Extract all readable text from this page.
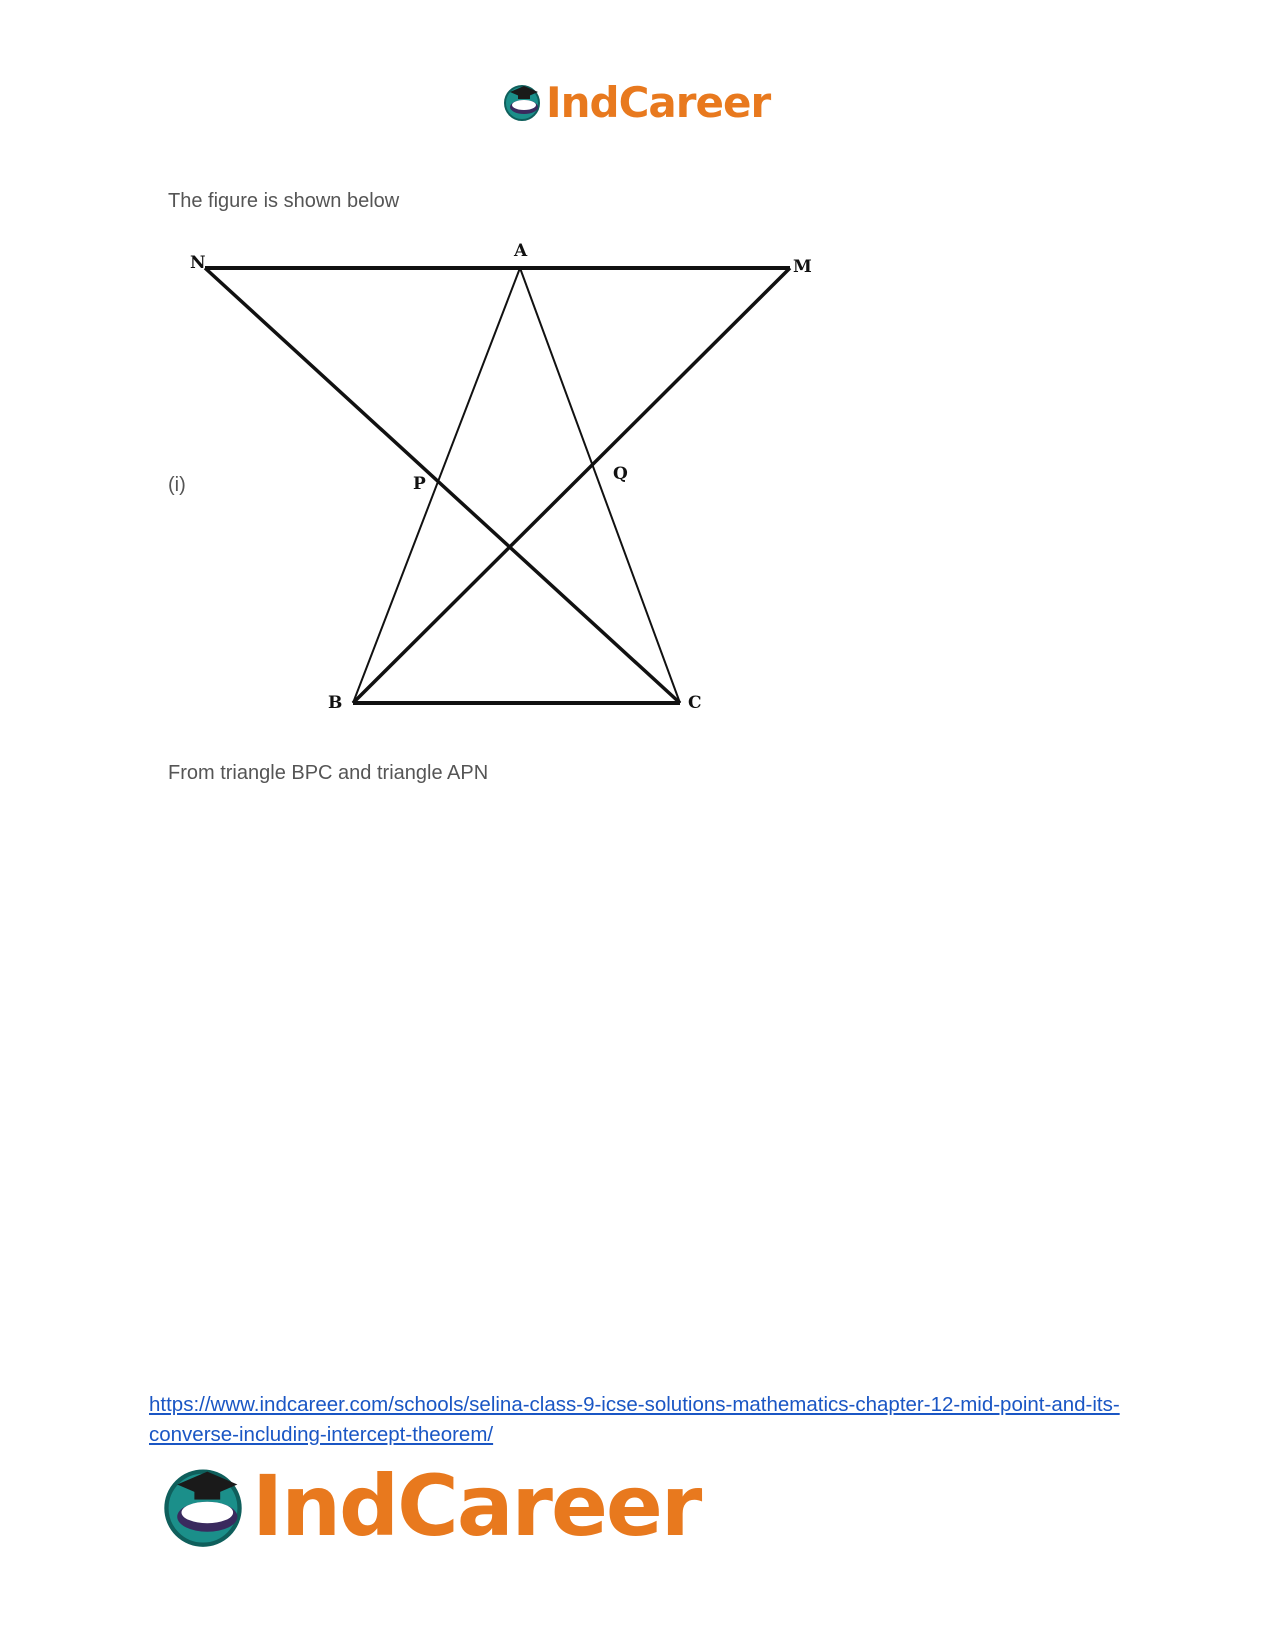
IndCareer
The figure is shown below
(i)
N
A
M
P	Q
B	C
From triangle BPC and triangle APN
https://www.indcareer.com/schools/selina-class-9-icse-solutions-mathematics-chapter-12-mid-point-and-its-converse-including-intercept-theorem/
IndCareer
